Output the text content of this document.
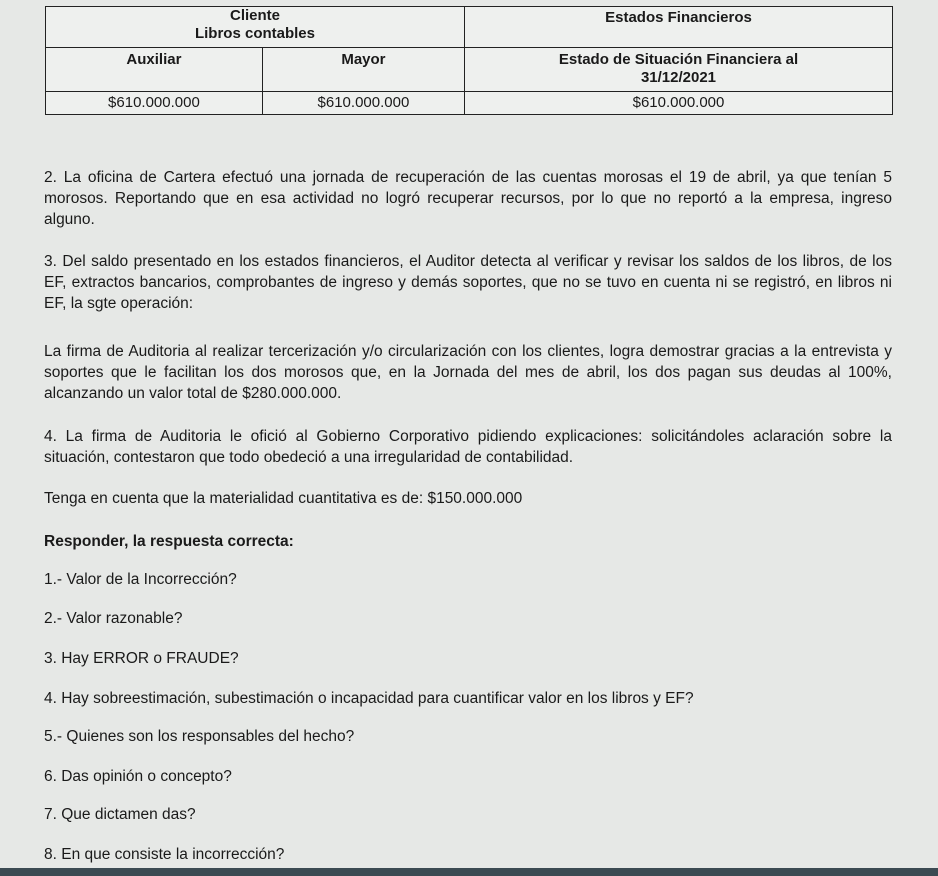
Cliente
Libros contables		Estados Financieros
Auxiliar	Mayor	Estado de Situación Financiera al
31/12/2021

$610.000.000	$610.000.000	$610.000.000

2. La oficina de Cartera efectuó una jornada de recuperación de las cuentas morosas el 19 de abril, ya que tenían 5 morosos. Reportando que en esa actividad no logró recuperar recursos, por lo que no reportó a la empresa, ingreso alguno.

3. Del saldo presentado en los estados financieros, el Auditor detecta al verificar y revisar los saldos de los libros, de los EF, extractos bancarios, comprobantes de ingreso y demás soportes, que no se tuvo en cuenta ni se registró, en libros ni EF, la sgte operación:

La firma de Auditoria al realizar tercerización y/o circularización con los clientes, logra demostrar gracias a la entrevista y soportes que le facilitan los dos morosos que, en la Jornada del mes de abril, los dos pagan sus deudas al 100%, alcanzando un valor total de $280.000.000.

4. La firma de Auditoria le ofició al Gobierno Corporativo pidiendo explicaciones: solicitándoles aclaración sobre la situación, contestaron que todo obedeció a una irregularidad de contabilidad.

Tenga en cuenta que la materialidad cuantitativa es de: $150.000.000

Responder, la respuesta correcta:

1.- Valor de la Incorrección?

2.- Valor razonable?

3. Hay ERROR o FRAUDE?

4. Hay sobreestimación, subestimación o incapacidad para cuantificar valor en los libros y EF?

5.- Quienes son los responsables del hecho?

6. Das opinión o concepto?

7. Que dictamen das?

8. En que consiste la incorrección?
